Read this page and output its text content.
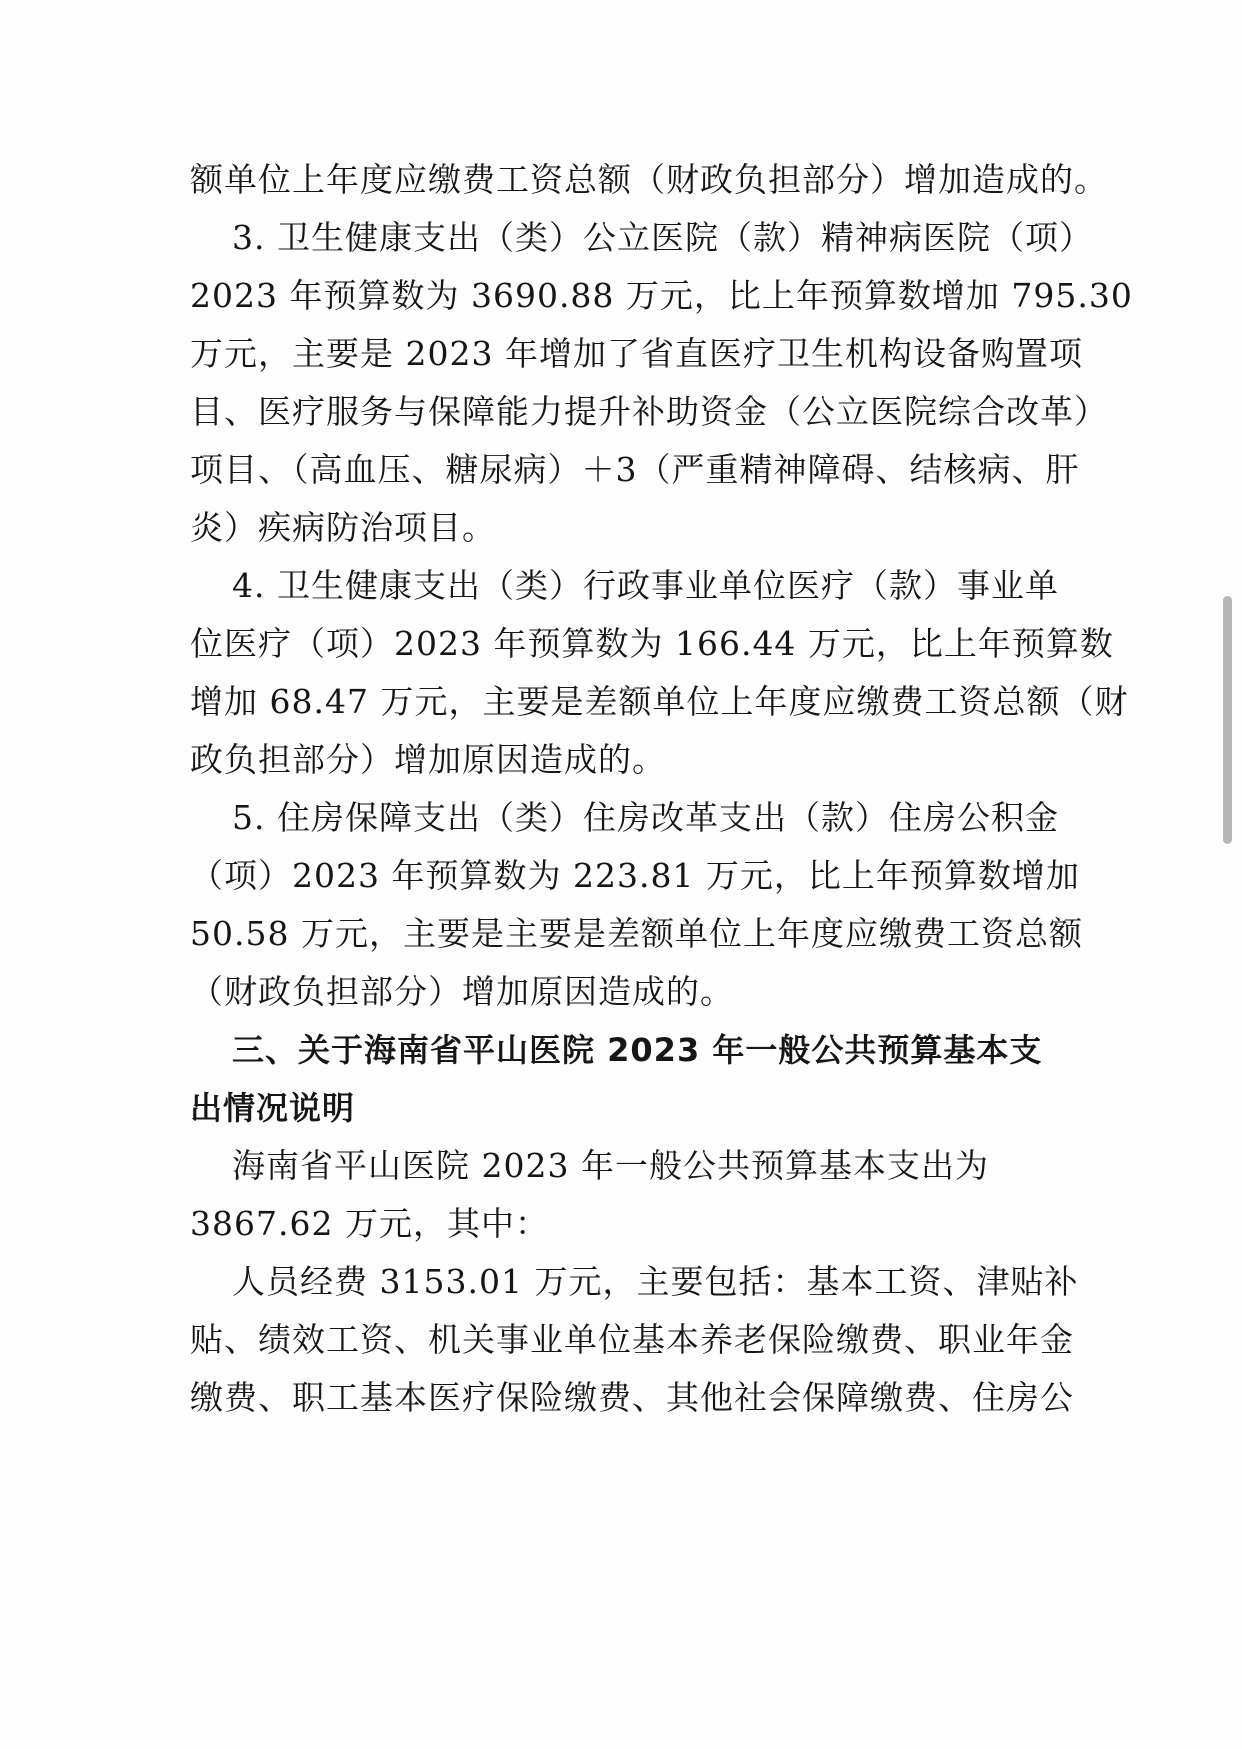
额单位上年度应缴费工资总额（财政负担部分）增加造成的。
3. 卫生健康支出（类）公立医院（款）精神病医院（项）
2023 年预算数为 3690.88 万元，比上年预算数增加 795.30
万元，主要是 2023 年增加了省直医疗卫生机构设备购置项
目、医疗服务与保障能力提升补助资金（公立医院综合改革）
项目、（高血压、糖尿病）＋3（严重精神障碍、结核病、肝
炎）疾病防治项目。
4. 卫生健康支出（类）行政事业单位医疗（款）事业单
位医疗（项）2023 年预算数为 166.44 万元，比上年预算数
增加 68.47 万元，主要是差额单位上年度应缴费工资总额（财
政负担部分）增加原因造成的。
5. 住房保障支出（类）住房改革支出（款）住房公积金
（项）2023 年预算数为 223.81 万元，比上年预算数增加
50.58 万元，主要是主要是差额单位上年度应缴费工资总额
（财政负担部分）增加原因造成的。
三、关于海南省平山医院 2023 年一般公共预算基本支
出情况说明
海南省平山医院 2023 年一般公共预算基本支出为
3867.62 万元，其中：
人员经费 3153.01 万元，主要包括：基本工资、津贴补
贴、绩效工资、机关事业单位基本养老保险缴费、职业年金
缴费、职工基本医疗保险缴费、其他社会保障缴费、住房公
